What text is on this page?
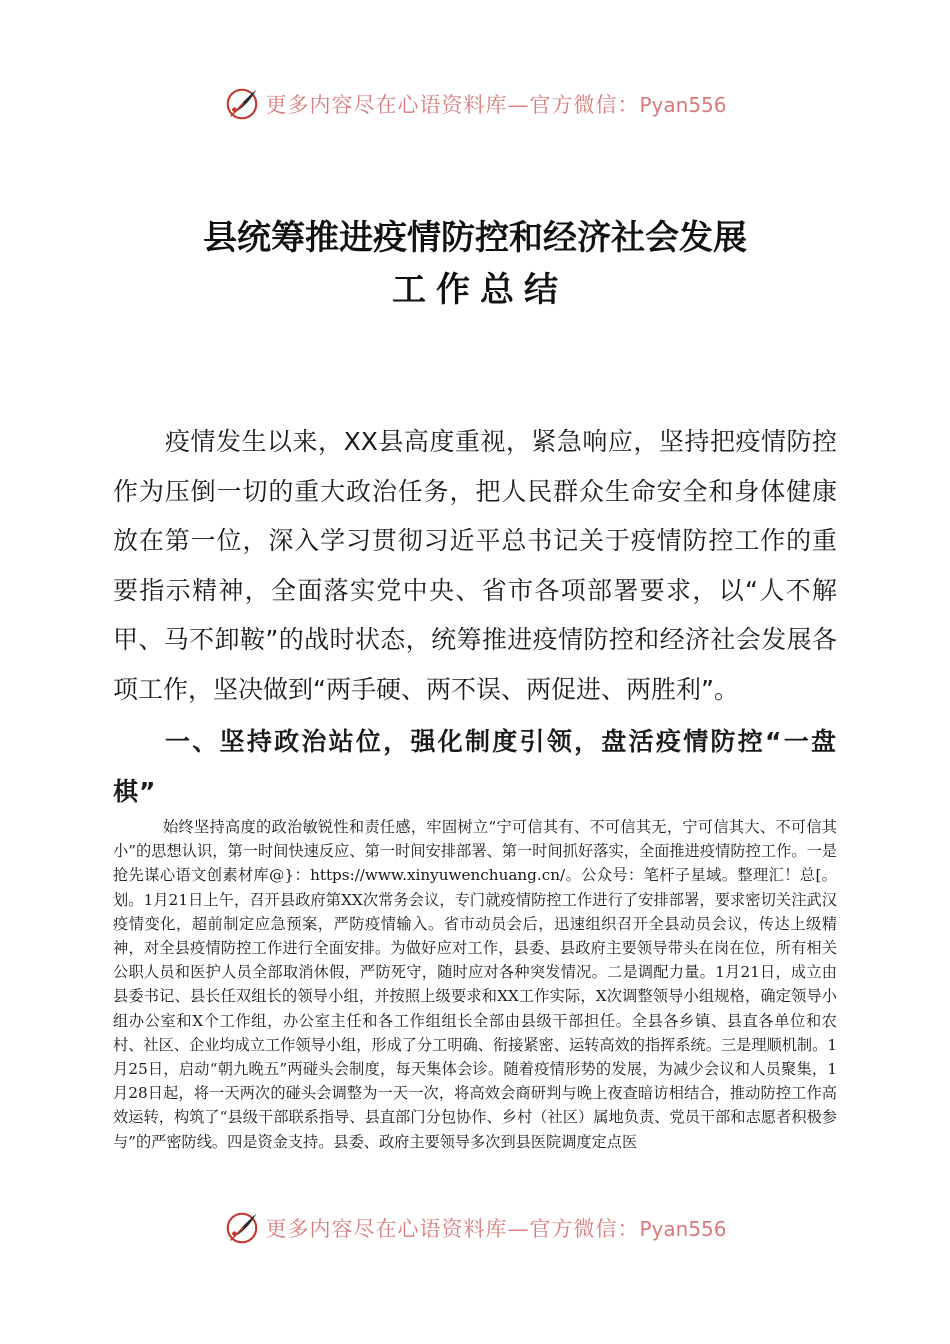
更多内容尽在心语资料库—官方微信：Pyan556
县统筹推进疫情防控和经济社会发展
工作总结
疫情发生以来，XX县高度重视，紧急响应，坚持把疫情防控作为压倒一切的重大政治任务，把人民群众生命安全和身体健康放在第一位，深入学习贯彻习近平总书记关于疫情防控工作的重要指示精神，全面落实党中央、省市各项部署要求，以“人不解甲、马不卸鞍”的战时状态，统筹推进疫情防控和经济社会发展各项工作，坚决做到“两手硬、两不误、两促进、两胜利”。
一、坚持政治站位，强化制度引领，盘活疫情防控“一盘棋”
始终坚持高度的政治敏锐性和责任感，牢固树立“宁可信其有、不可信其无，宁可信其大、不可信其小”的思想认识，第一时间快速反应、第一时间安排部署、第一时间抓好落实，全面推进疫情防控工作。一是抢先谋心语文创素材库@}：https://www.xinyuwenchuang.cn/。公众号：笔杆子星域。整理汇！总[。划。1月21日上午，召开县政府第XX次常务会议，专门就疫情防控工作进行了安排部署，要求密切关注武汉疫情变化，超前制定应急预案，严防疫情输入。省市动员会后，迅速组织召开全县动员会议，传达上级精神，对全县疫情防控工作进行全面安排。为做好应对工作，县委、县政府主要领导带头在岗在位，所有相关公职人员和医护人员全部取消休假，严防死守，随时应对各种突发情况。二是调配力量。1月21日，成立由县委书记、县长任双组长的领导小组，并按照上级要求和XX工作实际，X次调整领导小组规格，确定领导小组办公室和X个工作组，办公室主任和各工作组组长全部由县级干部担任。全县各乡镇、县直各单位和农村、社区、企业均成立工作领导小组，形成了分工明确、衔接紧密、运转高效的指挥系统。三是理顺机制。1月25日，启动“朝九晚五”两碰头会制度，每天集体会诊。随着疫情形势的发展，为减少会议和人员聚集，1月28日起，将一天两次的碰头会调整为一天一次，将高效会商研判与晚上夜查暗访相结合，推动防控工作高效运转，构筑了“县级干部联系指导、县直部门分包协作、乡村（社区）属地负责、党员干部和志愿者积极参与”的严密防线。四是资金支持。县委、政府主要领导多次到县医院调度定点医
更多内容尽在心语资料库—官方微信：Pyan556
